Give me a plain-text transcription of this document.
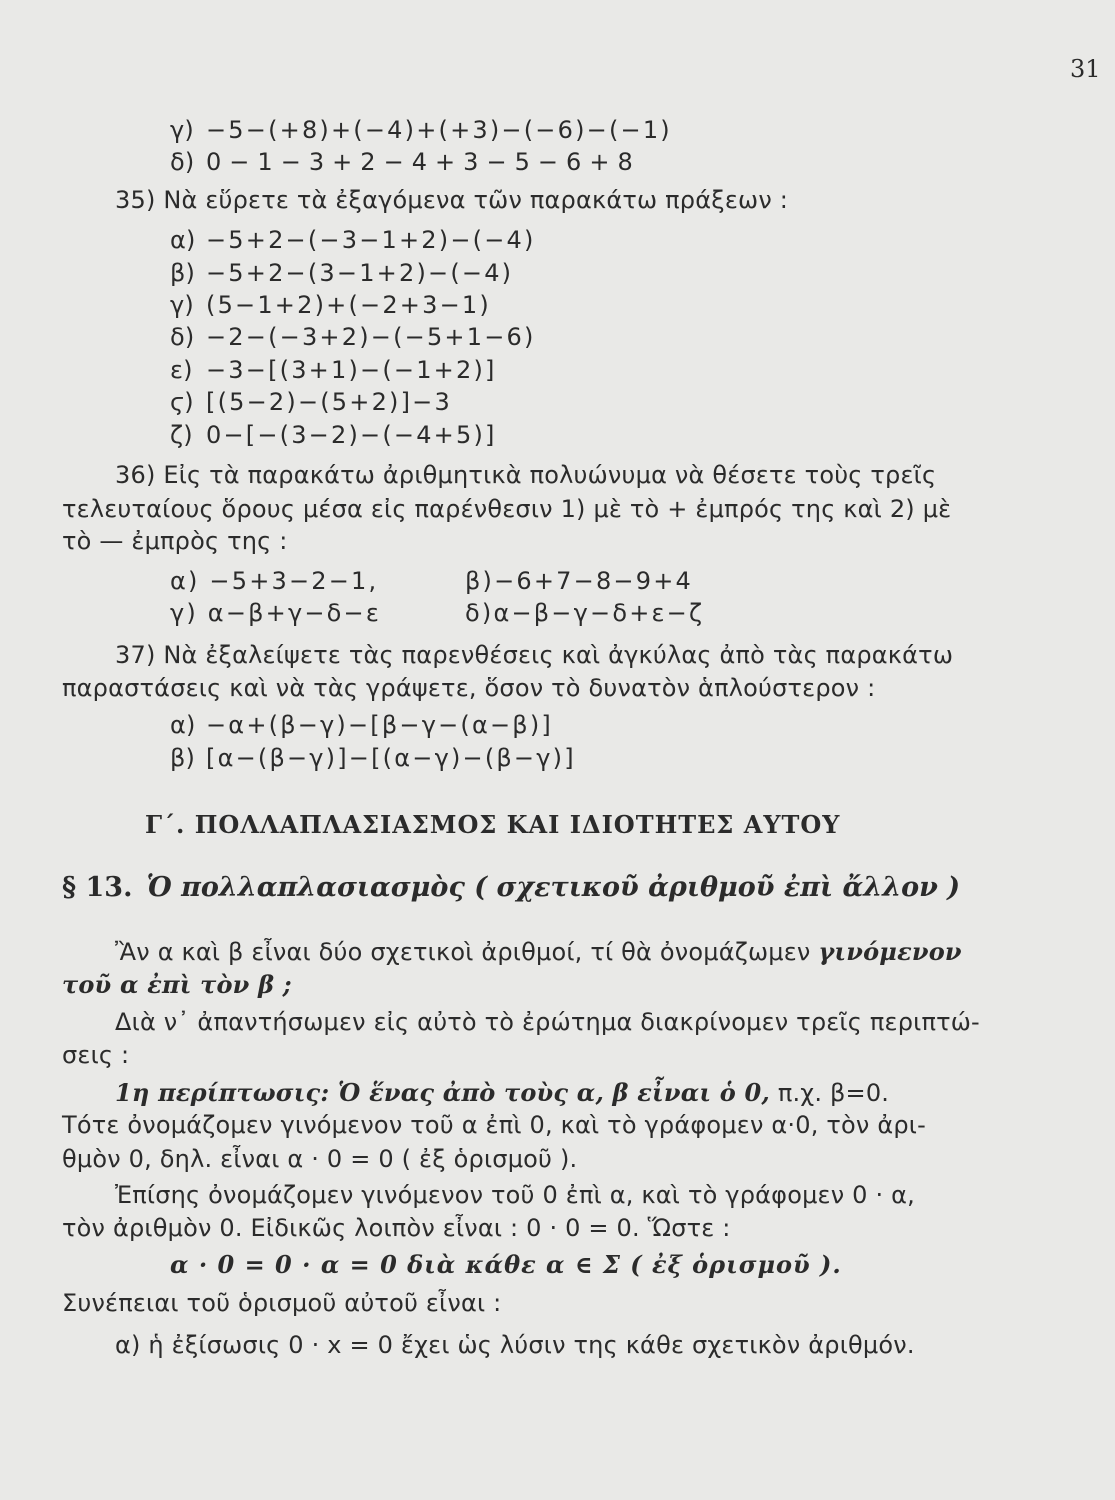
31
γ) −5−(+8)+(−4)+(+3)−(−6)−(−1)
δ) 0 − 1 − 3 + 2 − 4 + 3 − 5 − 6 + 8
35) Νὰ εὕρετε τὰ ἐξαγόμενα τῶν παρακάτω πράξεων :
α) −5+2−(−3−1+2)−(−4)
β) −5+2−(3−1+2)−(−4)
γ) (5−1+2)+(−2+3−1)
δ) −2−(−3+2)−(−5+1−6)
ε) −3−[(3+1)−(−1+2)]
ϛ) [(5−2)−(5+2)]−3
ζ) 0−[−(3−2)−(−4+5)]
36) Εἰς τὰ παρακάτω ἀριθμητικὰ πολυώνυμα νὰ θέσετε τοὺς τρεῖς
τελευταίους ὅρους μέσα εἰς παρένθεσιν 1) μὲ τὸ + ἐμπρός της καὶ 2) μὲ
τὸ — ἐμπρὸς της :
α) −5+3−2−1,	β)−6+7−8−9+4
γ) α−β+γ−δ−ε	δ)α−β−γ−δ+ε−ζ
37) Νὰ ἐξαλείψετε τὰς παρενθέσεις καὶ ἀγκύλας ἀπὸ τὰς παρακάτω
παραστάσεις καὶ νὰ τὰς γράψετε, ὅσον τὸ δυνατὸν ἁπλούστερον :
α) −α+(β−γ)−[β−γ−(α−β)]
β) [α−(β−γ)]−[(α−γ)−(β−γ)]
Γ΄. ΠΟΛΛΑΠΛΑΣΙΑΣΜΟΣ ΚΑΙ ΙΔΙΟΤΗΤΕΣ ΑΥΤΟΥ
§ 13. Ὁ πολλαπλασιασμὸς ( σχετικοῦ ἀριθμοῦ ἐπὶ ἄλλον )
Ἂν α καὶ β εἶναι δύο σχετικοὶ ἀριθμοί, τί θὰ ὀνομάζωμεν γινόμενον
τοῦ α ἐπὶ τὸν β ;
Διὰ ν᾽ ἀπαντήσωμεν εἰς αὐτὸ τὸ ἐρώτημα διακρίνομεν τρεῖς περιπτώ-
σεις :
1η περίπτωσις: Ὁ ἕνας ἀπὸ τοὺς α, β εἶναι ὁ 0, π.χ. β=0.
Τότε ὀνομάζομεν γινόμενον τοῦ α ἐπὶ 0, καὶ τὸ γράφομεν α·0, τὸν ἀρι-
θμὸν 0, δηλ. εἶναι α · 0 = 0 ( ἐξ ὁρισμοῦ ).
Ἐπίσης ὀνομάζομεν γινόμενον τοῦ 0 ἐπὶ α, καὶ τὸ γράφομεν 0 · α,
τὸν ἀριθμὸν 0. Εἰδικῶς λοιπὸν εἶναι : 0 · 0 = 0. Ὥστε :
α · 0 = 0 · α = 0 διὰ κάθε α ∈ Σ ( ἐξ ὁρισμοῦ ).
Συνέπειαι τοῦ ὁρισμοῦ αὐτοῦ εἶναι :
α) ἡ ἐξίσωσις 0 · x = 0 ἔχει ὡς λύσιν της κάθε σχετικὸν ἀριθμόν.
